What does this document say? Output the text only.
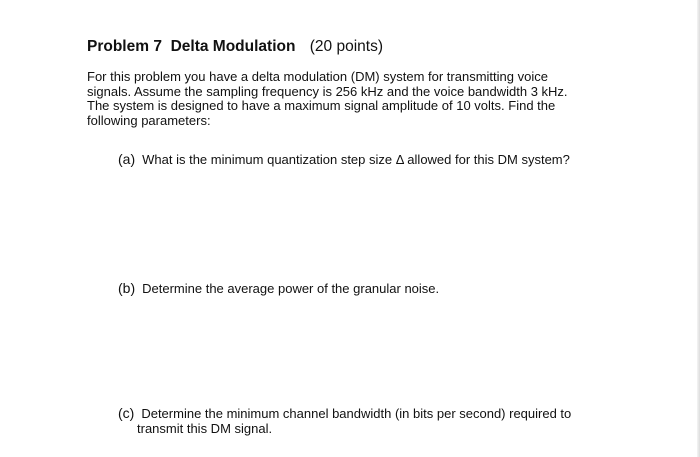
Problem 7 Delta Modulation (20 points)
For this problem you have a delta modulation (DM) system for transmitting voice
signals. Assume the sampling frequency is 256 kHz and the voice bandwidth 3 kHz.
The system is designed to have a maximum signal amplitude of 10 volts. Find the
following parameters:
(a) What is the minimum quantization step size Δ allowed for this DM system?
(b) Determine the average power of the granular noise.
(c) Determine the minimum channel bandwidth (in bits per second) required to
transmit this DM signal.
